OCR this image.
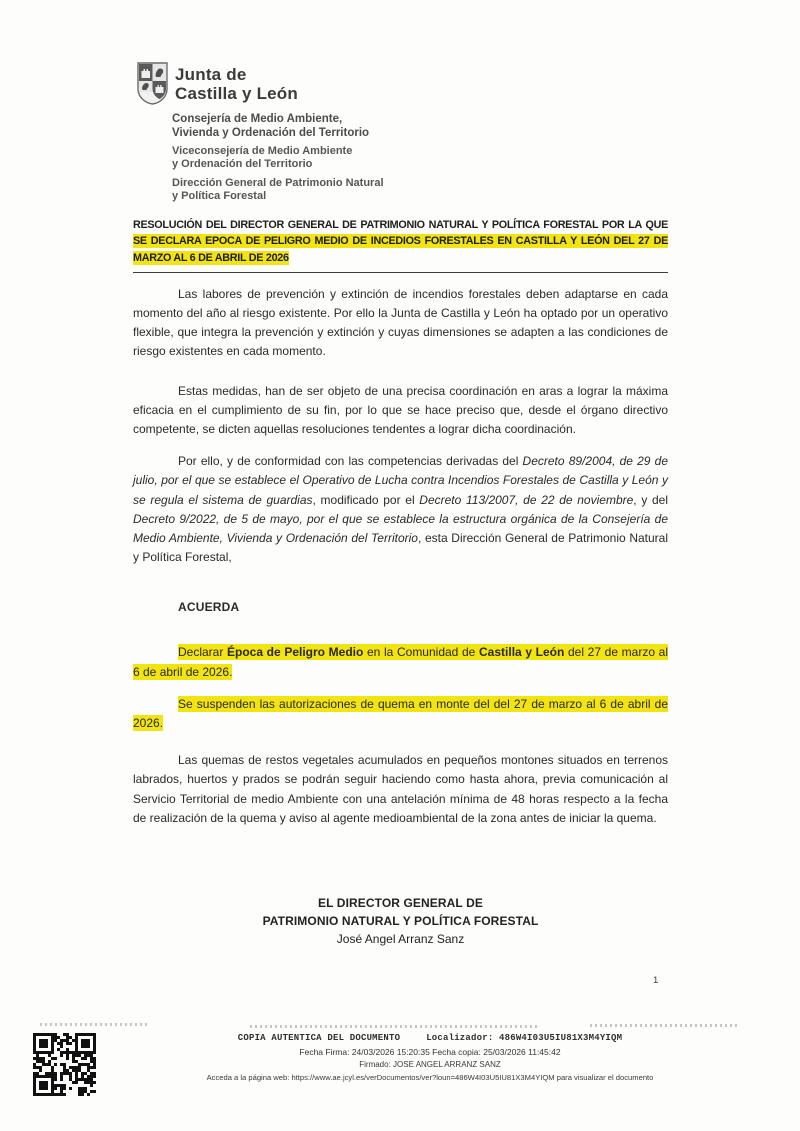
Junta de
Castilla y León
Consejería de Medio Ambiente,
Vivienda y Ordenación del Territorio
Viceconsejería de Medio Ambiente
y Ordenación del Territorio
Dirección General de Patrimonio Natural
y Política Forestal
RESOLUCIÓN DEL DIRECTOR GENERAL DE PATRIMONIO NATURAL Y POLÍTICA FORESTAL POR LA QUE SE DECLARA EPOCA DE PELIGRO MEDIO DE INCEDIOS FORESTALES EN CASTILLA Y LEÓN DEL 27 DE MARZO AL 6 DE ABRIL DE 2026

Las labores de prevención y extinción de incendios forestales deben adaptarse en cada momento del año al riesgo existente. Por ello la Junta de Castilla y León ha optado por un operativo flexible, que integra la prevención y extinción y cuyas dimensiones se adapten a las condiciones de riesgo existentes en cada momento.

Estas medidas, han de ser objeto de una precisa coordinación en aras a lograr la máxima eficacia en el cumplimiento de su fin, por lo que se hace preciso que, desde el órgano directivo competente, se dicten aquellas resoluciones tendentes a lograr dicha coordinación.

Por ello, y de conformidad con las competencias derivadas del Decreto 89/2004, de 29 de julio, por el que se establece el Operativo de Lucha contra Incendios Forestales de Castilla y León y se regula el sistema de guardias, modificado por el Decreto 113/2007, de 22 de noviembre, y del Decreto 9/2022, de 5 de mayo, por el que se establece la estructura orgánica de la Consejería de Medio Ambiente, Vivienda y Ordenación del Territorio, esta Dirección General de Patrimonio Natural y Política Forestal,

ACUERDA

Declarar Época de Peligro Medio en la Comunidad de Castilla y León del 27 de marzo al 6 de abril de 2026.

Se suspenden las autorizaciones de quema en monte del del 27 de marzo al 6 de abril de 2026.

Las quemas de restos vegetales acumulados en pequeños montones situados en terrenos labrados, huertos y prados se podrán seguir haciendo como hasta ahora, previa comunicación al Servicio Territorial de medio Ambiente con una antelación mínima de 48 horas respecto a la fecha de realización de la quema y aviso al agente medioambiental de la zona antes de iniciar la quema.

EL DIRECTOR GENERAL DE
PATRIMONIO NATURAL Y POLÍTICA FORESTAL
José Angel Arranz Sanz
1
COPIA AUTENTICA DEL DOCUMENTO	Localizador: 486W4I03U5IU81X3M4YIQM
Fecha Firma: 24/03/2026 15:20:35 Fecha copia: 25/03/2026 11:45:42
Firmado: JOSE ANGEL ARRANZ SANZ
Acceda a la página web: https://www.ae.jcyl.es/verDocumentos/ver?loun=486W4I03U5IU81X3M4YIQM para visualizar el documento
